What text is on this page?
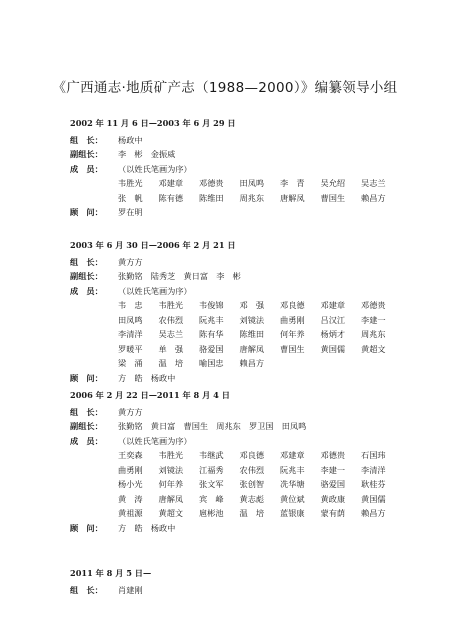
《广西通志·地质矿产志（1988—2000）》编纂领导小组
2002 年 11 月 6 日—2003 年 6 月 29 日
组　长：	杨政中
副组长：	李　彬　金振威
成　员：	（以姓氏笔画为序）
韦胜光	邓建章	邓德贵	田凤鸣	李　青	吴允绍	吴志兰
张　帆	陈有德	陈维田	周兆东	唐解凤	曹国生	赖昌方
顾　问：	罗在明
2003 年 6 月 30 日—2006 年 2 月 21 日
组　长：	黄方方
副组长：	张勤铭　陆秀芝　黄日富　李　彬
成　员：	（以姓氏笔画为序）
韦　忠	韦胜光	韦俊锦	邓　强	邓良德	邓建章	邓德贵
田凤鸣	农伟烈	阮兆丰	刘镜法	曲勇刚	吕汉江	李建一
李清洋	吴志兰	陈有华	陈维田	何年养	杨炳才	周兆东
罗暖平	单　强	骆爱国	唐解凤	曹国生	黄国儒	黄超文
梁　涌	温　培	喻国忠	赖昌方
顾　问：	方　皓　杨政中
2006 年 2 月 22 日—2011 年 8 月 4 日
组　长：	黄方方
副组长：	张勤铭　黄日富　曹国生　周兆东　罗卫国　田凤鸣
成　员：	（以姓氏笔画为序）
王奕森	韦胜光	韦继武	邓良德	邓建章	邓德贵	石国玮
曲勇刚	刘镜法	江福秀	农伟烈	阮兆丰	李建一	李清洋
杨小光	何年养	张文军	张创智	冼华塘	骆爱国	耿桂芬
黄　涛	唐解凤	宾　峰	黄志彪	黄位斌	黄政康	黄国儒
黄祖源	黄超文	扈彬池	温　培	蓝银康	蒙有荫	赖昌方
顾　问：	方　皓　杨政中
2011 年 8 月 5 日—
组　长：	肖建刚
